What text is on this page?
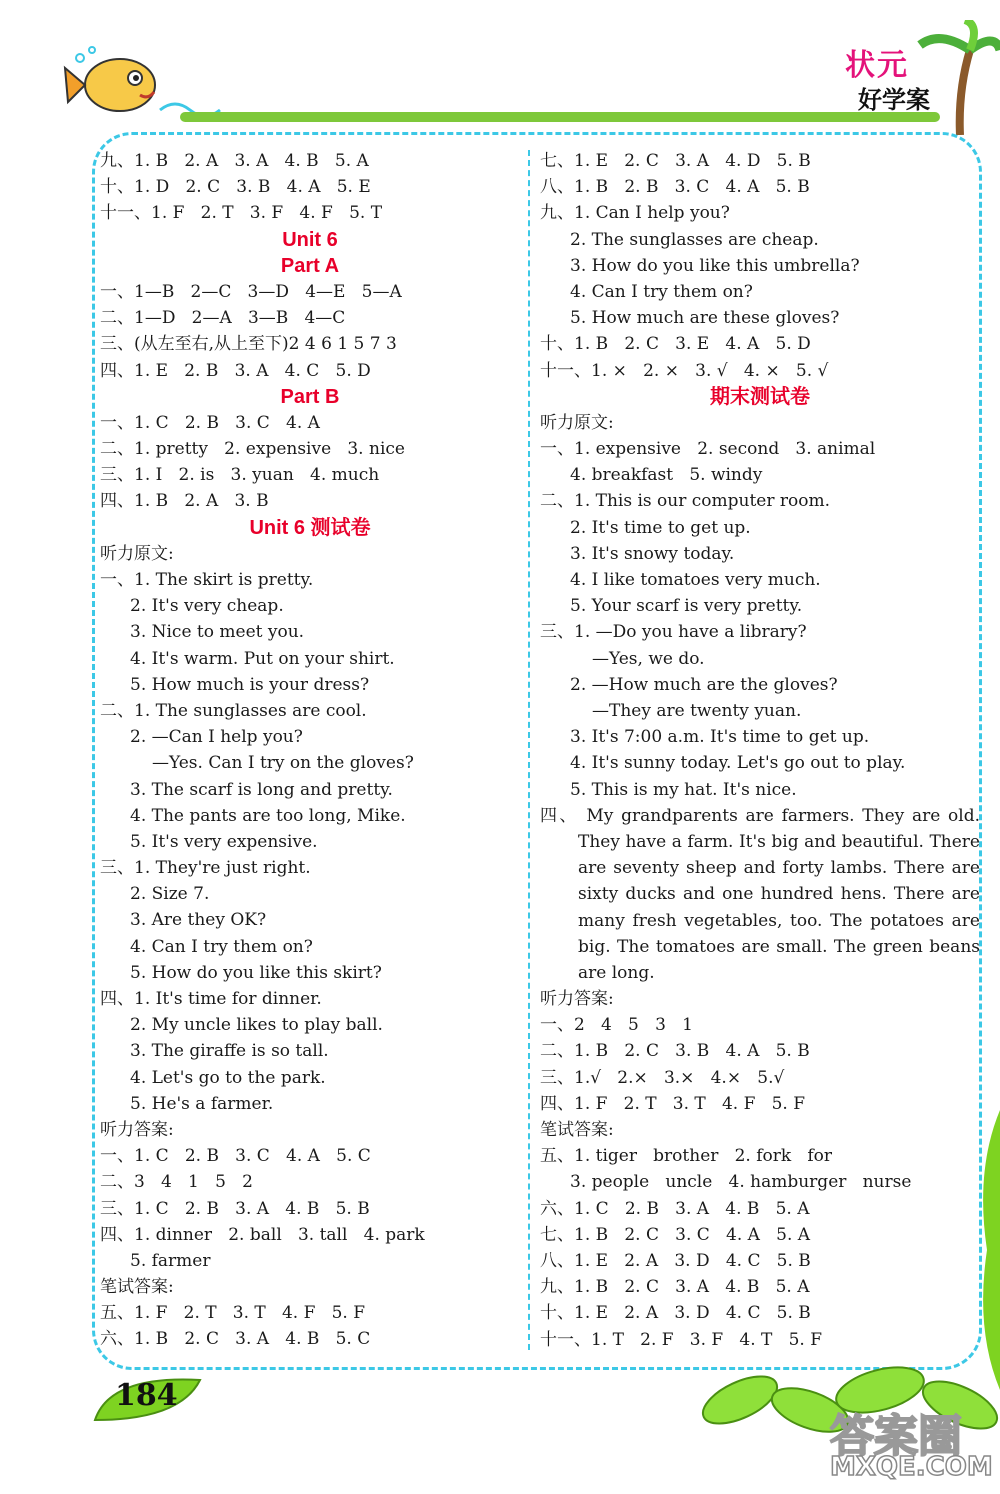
状元
好学案
九、1. B   2. A   3. A   4. B   5. A
十、1. D   2. C   3. B   4. A   5. E
十一、1. F   2. T   3. F   4. F   5. T
Unit 6
Part A
一、1—B   2—C   3—D   4—E   5—A
二、1—D   2—A   3—B   4—C
三、(从左至右,从上至下)2 4 6 1 5 7 3
四、1. E   2. B   3. A   4. C   5. D
Part B
一、1. C   2. B   3. C   4. A
二、1. pretty   2. expensive   3. nice
三、1. I   2. is   3. yuan   4. much
四、1. B   2. A   3. B
Unit 6 测试卷
听力原文:
一、1. The skirt is pretty.
2. It's very cheap.
3. Nice to meet you.
4. It's warm. Put on your shirt.
5. How much is your dress?
二、1. The sunglasses are cool.
2. —Can I help you?
—Yes. Can I try on the gloves?
3. The scarf is long and pretty.
4. The pants are too long, Mike.
5. It's very expensive.
三、1. They're just right.
2. Size 7.
3. Are they OK?
4. Can I try them on?
5. How do you like this skirt?
四、1. It's time for dinner.
2. My uncle likes to play ball.
3. The giraffe is so tall.
4. Let's go to the park.
5. He's a farmer.
听力答案:
一、1. C   2. B   3. C   4. A   5. C
二、3   4   1   5   2
三、1. C   2. B   3. A   4. B   5. B
四、1. dinner   2. ball   3. tall   4. park
5. farmer
笔试答案:
五、1. F   2. T   3. T   4. F   5. F
六、1. B   2. C   3. A   4. B   5. C
七、1. E   2. C   3. A   4. D   5. B
八、1. B   2. B   3. C   4. A   5. B
九、1. Can I help you?
2. The sunglasses are cheap.
3. How do you like this umbrella?
4. Can I try them on?
5. How much are these gloves?
十、1. B   2. C   3. E   4. A   5. D
十一、1. ×   2. ×   3. √   4. ×   5. √
期末测试卷
听力原文:
一、1. expensive   2. second   3. animal
4. breakfast   5. windy
二、1. This is our computer room.
2. It's time to get up.
3. It's snowy today.
4. I like tomatoes very much.
5. Your scarf is very pretty.
三、1. —Do you have a library?
—Yes, we do.
2. —How much are the gloves?
—They are twenty yuan.
3. It's 7:00 a.m. It's time to get up.
4. It's sunny today. Let's go out to play.
5. This is my hat. It's nice.
四、 My grandparents are farmers. They are old. They have a farm. It's big and beautiful. There are seventy sheep and forty lambs. There are sixty ducks and one hundred hens. There are many fresh vegetables, too. The potatoes are big. The tomatoes are small. The green beans are long.
听力答案:
一、2   4   5   3   1
二、1. B   2. C   3. B   4. A   5. B
三、1.√   2.×   3.×   4.×   5.√
四、1. F   2. T   3. T   4. F   5. F
笔试答案:
五、1. tiger   brother   2. fork   for
3. people   uncle   4. hamburger   nurse
六、1. C   2. B   3. A   4. B   5. A
七、1. B   2. C   3. C   4. A   5. A
八、1. E   2. A   3. D   4. C   5. B
九、1. B   2. C   3. A   4. B   5. A
十、1. E   2. A   3. D   4. C   5. B
十一、1. T   2. F   3. F   4. T   5. F
184
答案圈
MXQE.COM
